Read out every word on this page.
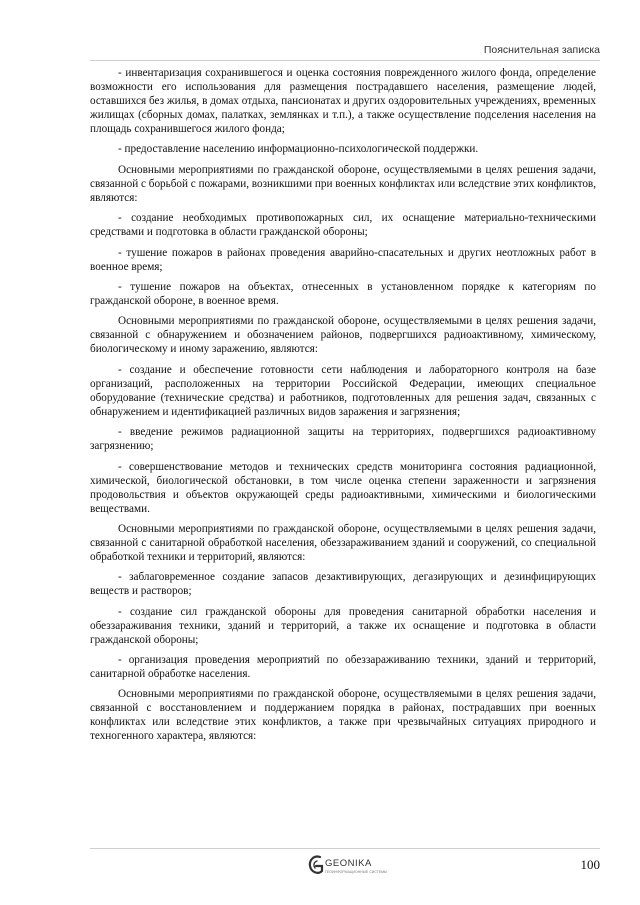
Пояснительная записка

- инвентаризация сохранившегося и оценка состояния поврежденного жилого фонда, определение возможности его использования для размещения пострадавшего населения, размещение людей, оставшихся без жилья, в домах отдыха, пансионатах и других оздоровительных учреждениях, временных жилищах (сборных домах, палатках, землянках и т.п.), а также осуществление подселения населения на площадь сохранившегося жилого фонда;

- предоставление населению информационно-психологической поддержки.

Основными мероприятиями по гражданской обороне, осуществляемыми в целях решения задачи, связанной с борьбой с пожарами, возникшими при военных конфликтах или вследствие этих конфликтов, являются:

- создание необходимых противопожарных сил, их оснащение материально-техническими средствами и подготовка в области гражданской обороны;

- тушение пожаров в районах проведения аварийно-спасательных и других неотложных работ в военное время;

- тушение пожаров на объектах, отнесенных в установленном порядке к категориям по гражданской обороне, в военное время.

Основными мероприятиями по гражданской обороне, осуществляемыми в целях решения задачи, связанной с обнаружением и обозначением районов, подвергшихся радиоактивному, химическому, биологическому и иному заражению, являются:

- создание и обеспечение готовности сети наблюдения и лабораторного контроля на базе организаций, расположенных на территории Российской Федерации, имеющих специальное оборудование (технические средства) и работников, подготовленных для решения задач, связанных с обнаружением и идентификацией различных видов заражения и загрязнения;

- введение режимов радиационной защиты на территориях, подвергшихся радиоактивному загрязнению;

- совершенствование методов и технических средств мониторинга состояния радиационной, химической, биологической обстановки, в том числе оценка степени зараженности и загрязнения продовольствия и объектов окружающей среды радиоактивными, химическими и биологическими веществами.

Основными мероприятиями по гражданской обороне, осуществляемыми в целях решения задачи, связанной с санитарной обработкой населения, обеззараживанием зданий и сооружений, со специальной обработкой техники и территорий, являются:

- заблаговременное создание запасов дезактивирующих, дегазирующих и дезинфицирующих веществ и растворов;

- создание сил гражданской обороны для проведения санитарной обработки населения и обеззараживания техники, зданий и территорий, а также их оснащение и подготовка в области гражданской обороны;

- организация проведения мероприятий по обеззараживанию техники, зданий и территорий, санитарной обработке населения.

Основными мероприятиями по гражданской обороне, осуществляемыми в целях решения задачи, связанной с восстановлением и поддержанием порядка в районах, пострадавших при военных конфликтах или вследствие этих конфликтов, а также при чрезвычайных ситуациях природного и техногенного характера, являются:

GEONIKA
ГЕОИНФОРМАЦИОННЫЕ СИСТЕМЫ	100
